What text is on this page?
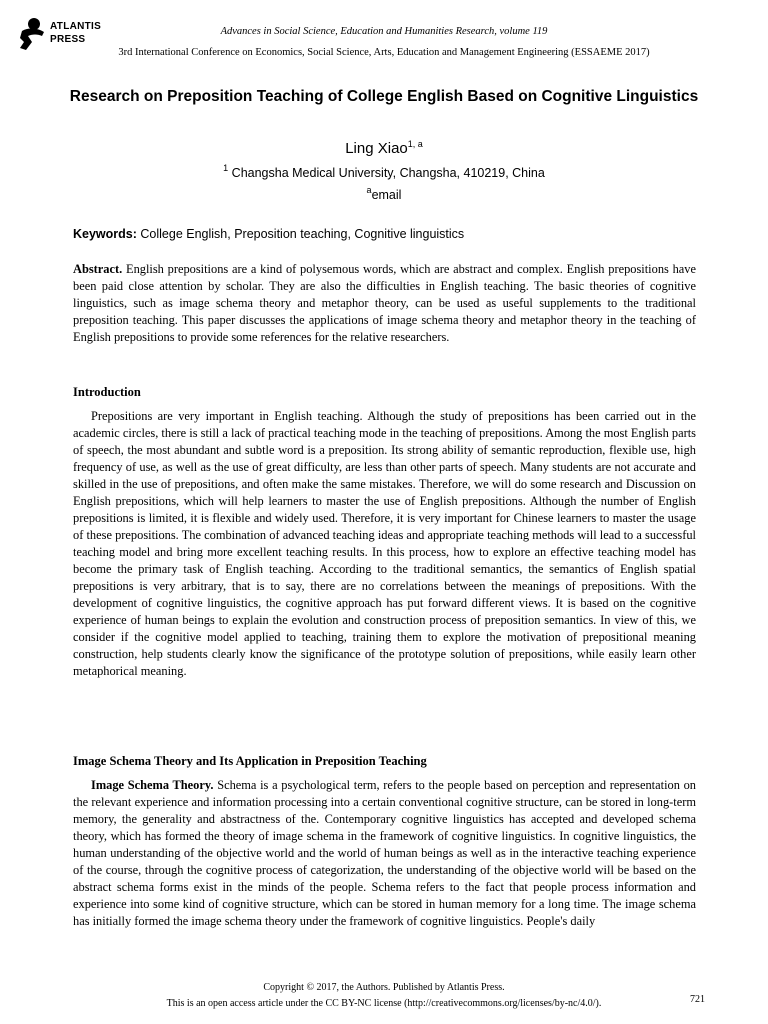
ATLANTIS
PRESS
Advances in Social Science, Education and Humanities Research, volume 119
3rd International Conference on Economics, Social Science, Arts, Education and Management Engineering (ESSAEME 2017)
Research on Preposition Teaching of College English Based on Cognitive Linguistics
Ling Xiao$^{1, a}$
$^1$ Changsha Medical University, Changsha, 410219, China
$^a$email
Keywords: College English, Preposition teaching, Cognitive linguistics
Abstract. English prepositions are a kind of polysemous words, which are abstract and complex. English prepositions have been paid close attention by scholar. They are also the difficulties in English teaching. The basic theories of cognitive linguistics, such as image schema theory and metaphor theory, can be used as useful supplements to the traditional preposition teaching. This paper discusses the applications of image schema theory and metaphor theory in the teaching of English prepositions to provide some references for the relative researchers.
Introduction
Prepositions are very important in English teaching. Although the study of prepositions has been carried out in the academic circles, there is still a lack of practical teaching mode in the teaching of prepositions. Among the most English parts of speech, the most abundant and subtle word is a preposition. Its strong ability of semantic reproduction, flexible use, high frequency of use, as well as the use of great difficulty, are less than other parts of speech. Many students are not accurate and skilled in the use of prepositions, and often make the same mistakes. Therefore, we will do some research and Discussion on English prepositions, which will help learners to master the use of English prepositions. Although the number of English prepositions is limited, it is flexible and widely used. Therefore, it is very important for Chinese learners to master the usage of these prepositions. The combination of advanced teaching ideas and appropriate teaching methods will lead to a successful teaching model and bring more excellent teaching results. In this process, how to explore an effective teaching model has become the primary task of English teaching. According to the traditional semantics, the semantics of English spatial prepositions is very arbitrary, that is to say, there are no correlations between the meanings of prepositions. With the development of cognitive linguistics, the cognitive approach has put forward different views. It is based on the cognitive experience of human beings to explain the evolution and construction process of preposition semantics. In view of this, we consider if the cognitive model applied to teaching, training them to explore the motivation of prepositional meaning construction, help students clearly know the significance of the prototype solution of prepositions, while easily learn other metaphorical meaning.
Image Schema Theory and Its Application in Preposition Teaching
Image Schema Theory. Schema is a psychological term, refers to the people based on perception and representation on the relevant experience and information processing into a certain conventional cognitive structure, can be stored in long-term memory, the generality and abstractness of the. Contemporary cognitive linguistics has accepted and developed schema theory, which has formed the theory of image schema in the framework of cognitive linguistics. In cognitive linguistics, the human understanding of the objective world and the world of human beings as well as in the interactive teaching experience of the course, through the cognitive process of categorization, the understanding of the objective world will be based on the abstract schema forms exist in the minds of the people. Schema refers to the fact that people process information and experience into some kind of cognitive structure, which can be stored in human memory for a long time. The image schema has initially formed the image schema theory under the framework of cognitive linguistics. People's daily
Copyright © 2017, the Authors. Published by Atlantis Press.
This is an open access article under the CC BY-NC license (http://creativecommons.org/licenses/by-nc/4.0/).	721
